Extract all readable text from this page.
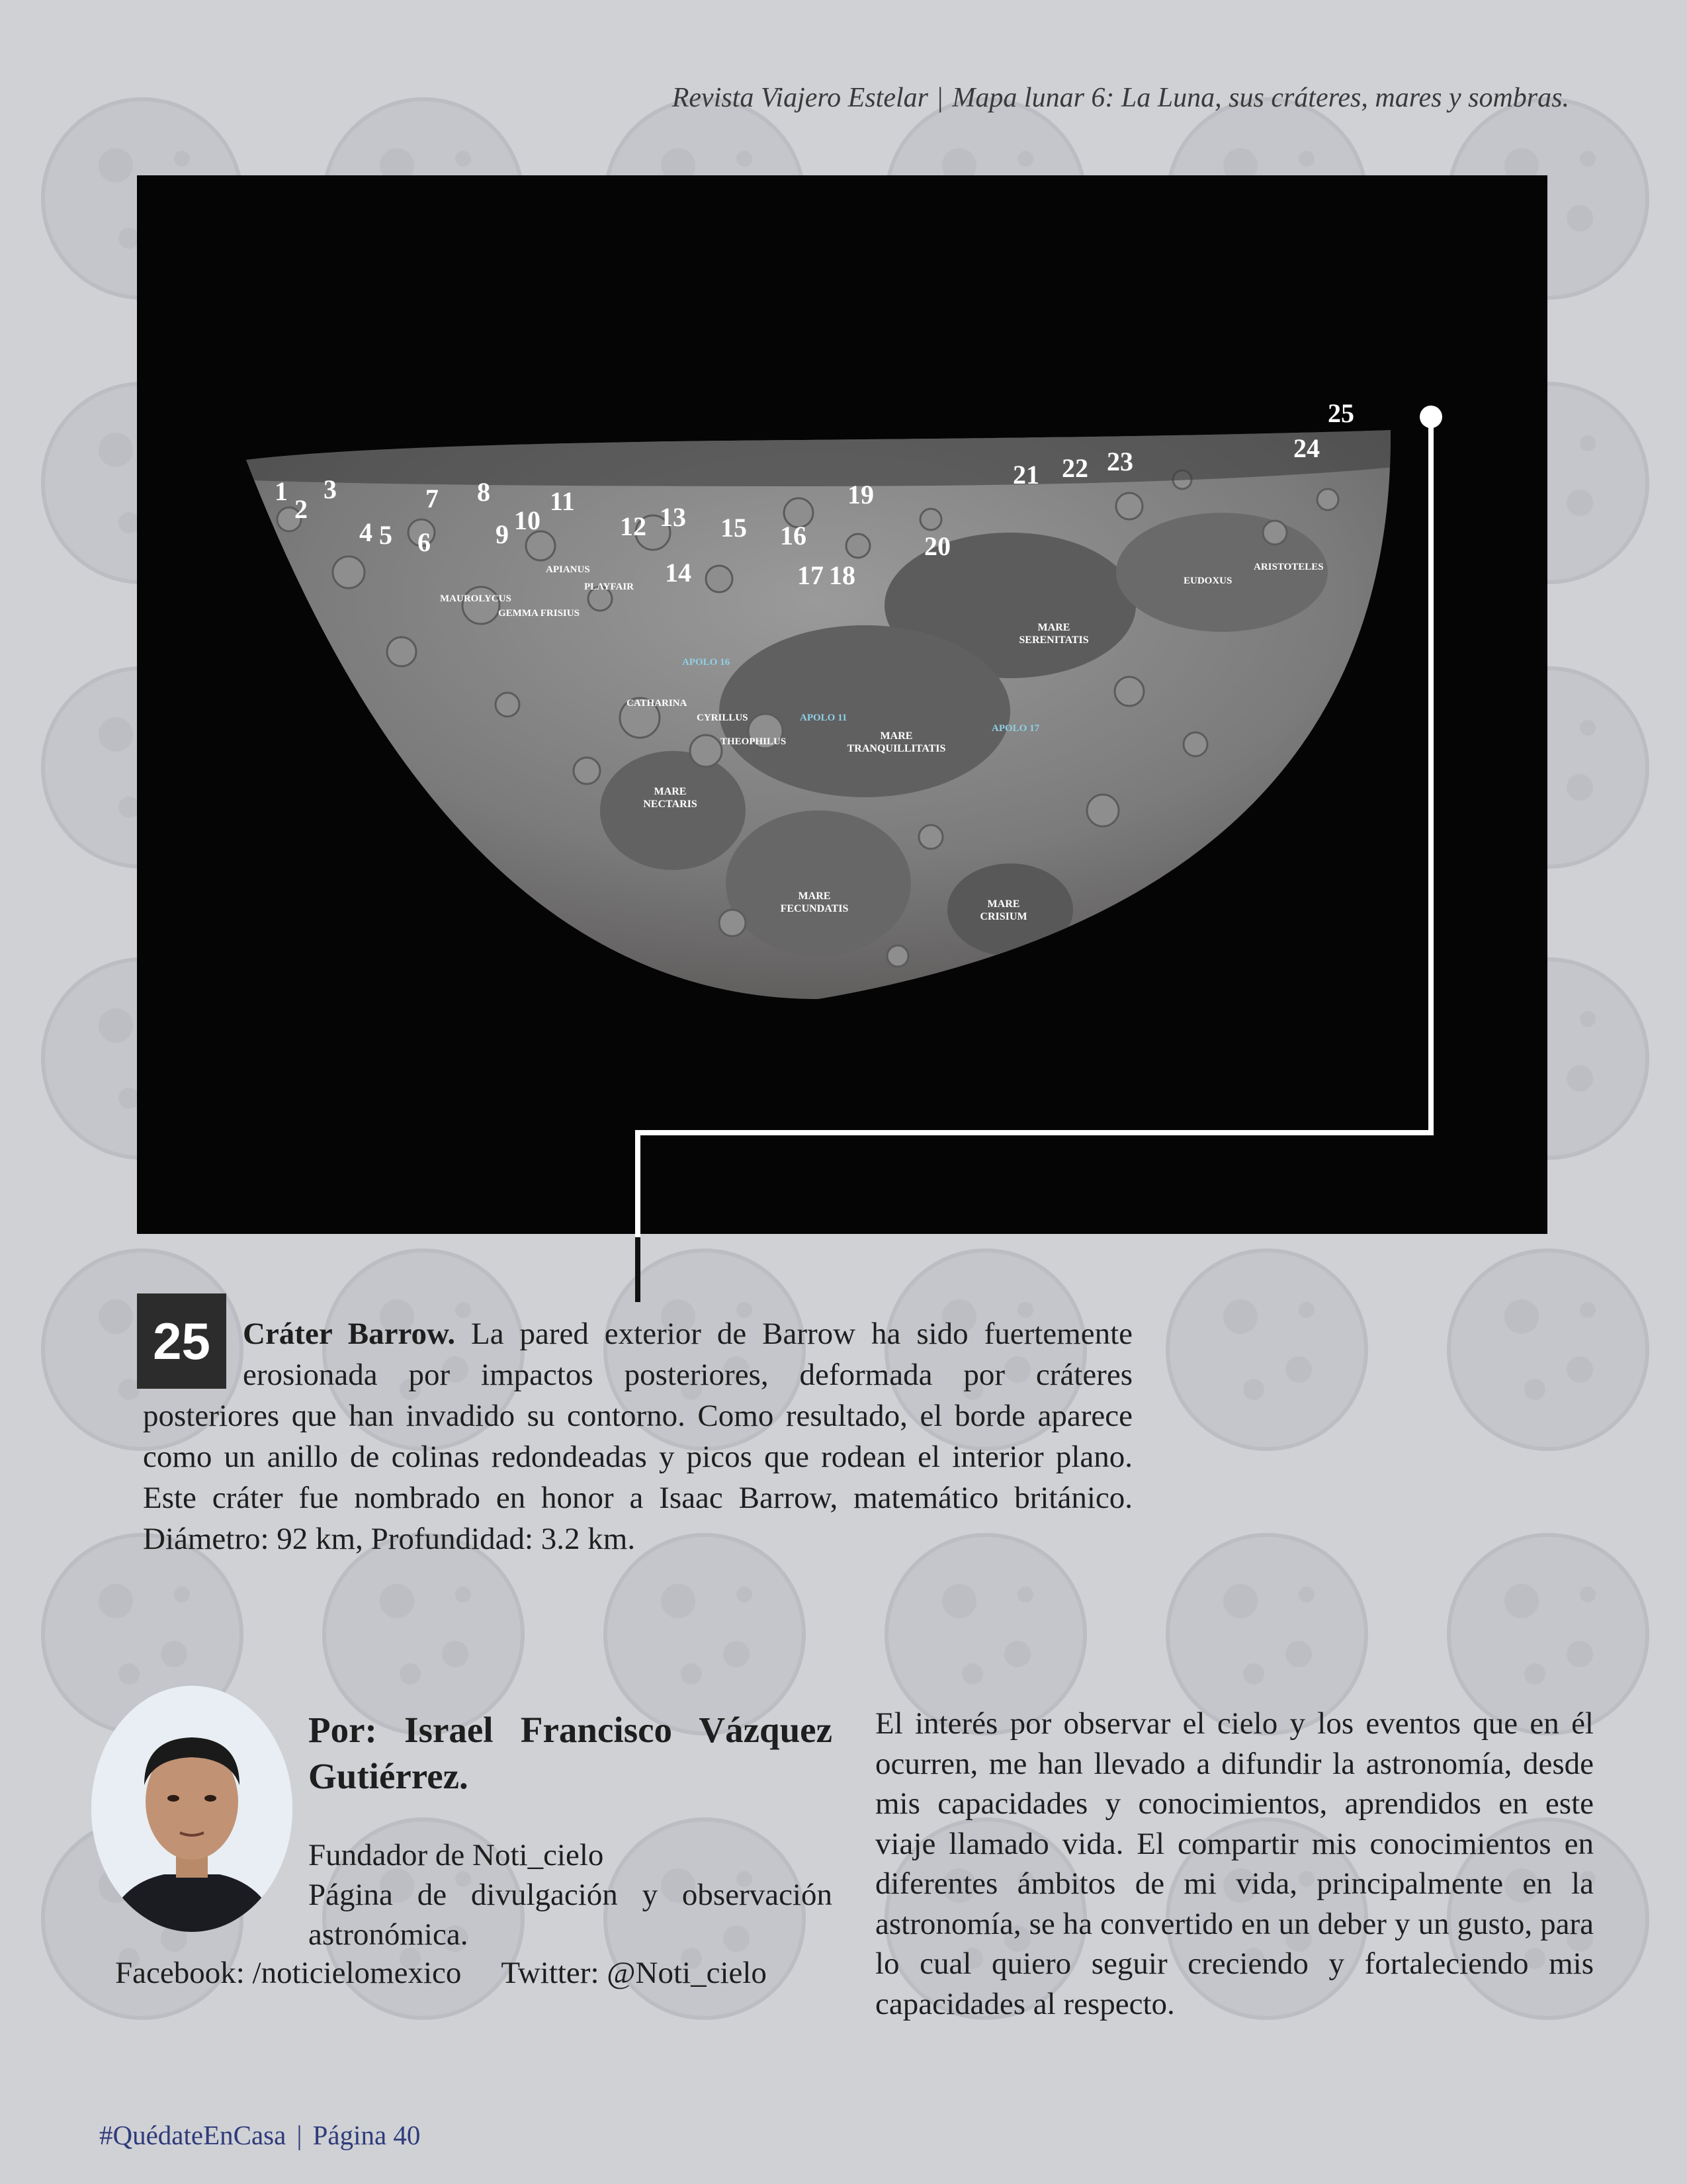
Revista Viajero Estelar | Mapa lunar 6: La Luna, sus cráteres, mares y sombras.
1
2
3
4 5 6
7 8
9 10
11
12 13
14
15 16
17 18
19
20
21 22 23	24
25
MAUROLYCUS
GEMMA FRISIUS
APIANUS
PLAYFAIR
CATHARINA
CYRILLUS
THEOPHILUS
EUDOXUS
ARISTOTELES
MARE SERENITATIS
MARE TRANQUILLITATIS
MARE NECTARIS
MARE FECUNDATIS	MARE CRISIUM
APOLO 16
APOLO 11
APOLO 17
25	Cráter Barrow. La pared exterior de Barrow ha sido fuertemente erosionada por impactos posteriores, deformada por cráteres posteriores que han invadido su contorno. Como resultado, el borde aparece como un anillo de colinas redondeadas y picos que rodean el interior plano. Este cráter fue nombrado en honor a Isaac Barrow, matemático británico. Diámetro: 92 km, Profundidad: 3.2 km.
Por: Israel Francisco Vázquez Gutiérrez.
Fundador de Noti_cielo
Página de divulgación y observación astronómica.
Facebook: /noticielomexico Twitter: @Noti_cielo
El interés por observar el cielo y los eventos que en él ocurren, me han llevado a difundir la astronomía, desde mis capacidades y conocimientos, aprendidos en este viaje llamado vida. El compartir mis conocimientos en diferentes ámbitos de mi vida, principalmente en la astronomía, se ha convertido en un deber y un gusto, para lo cual quiero seguir creciendo y fortaleciendo mis capacidades al respecto.
#QuédateEnCasa | Página 40
